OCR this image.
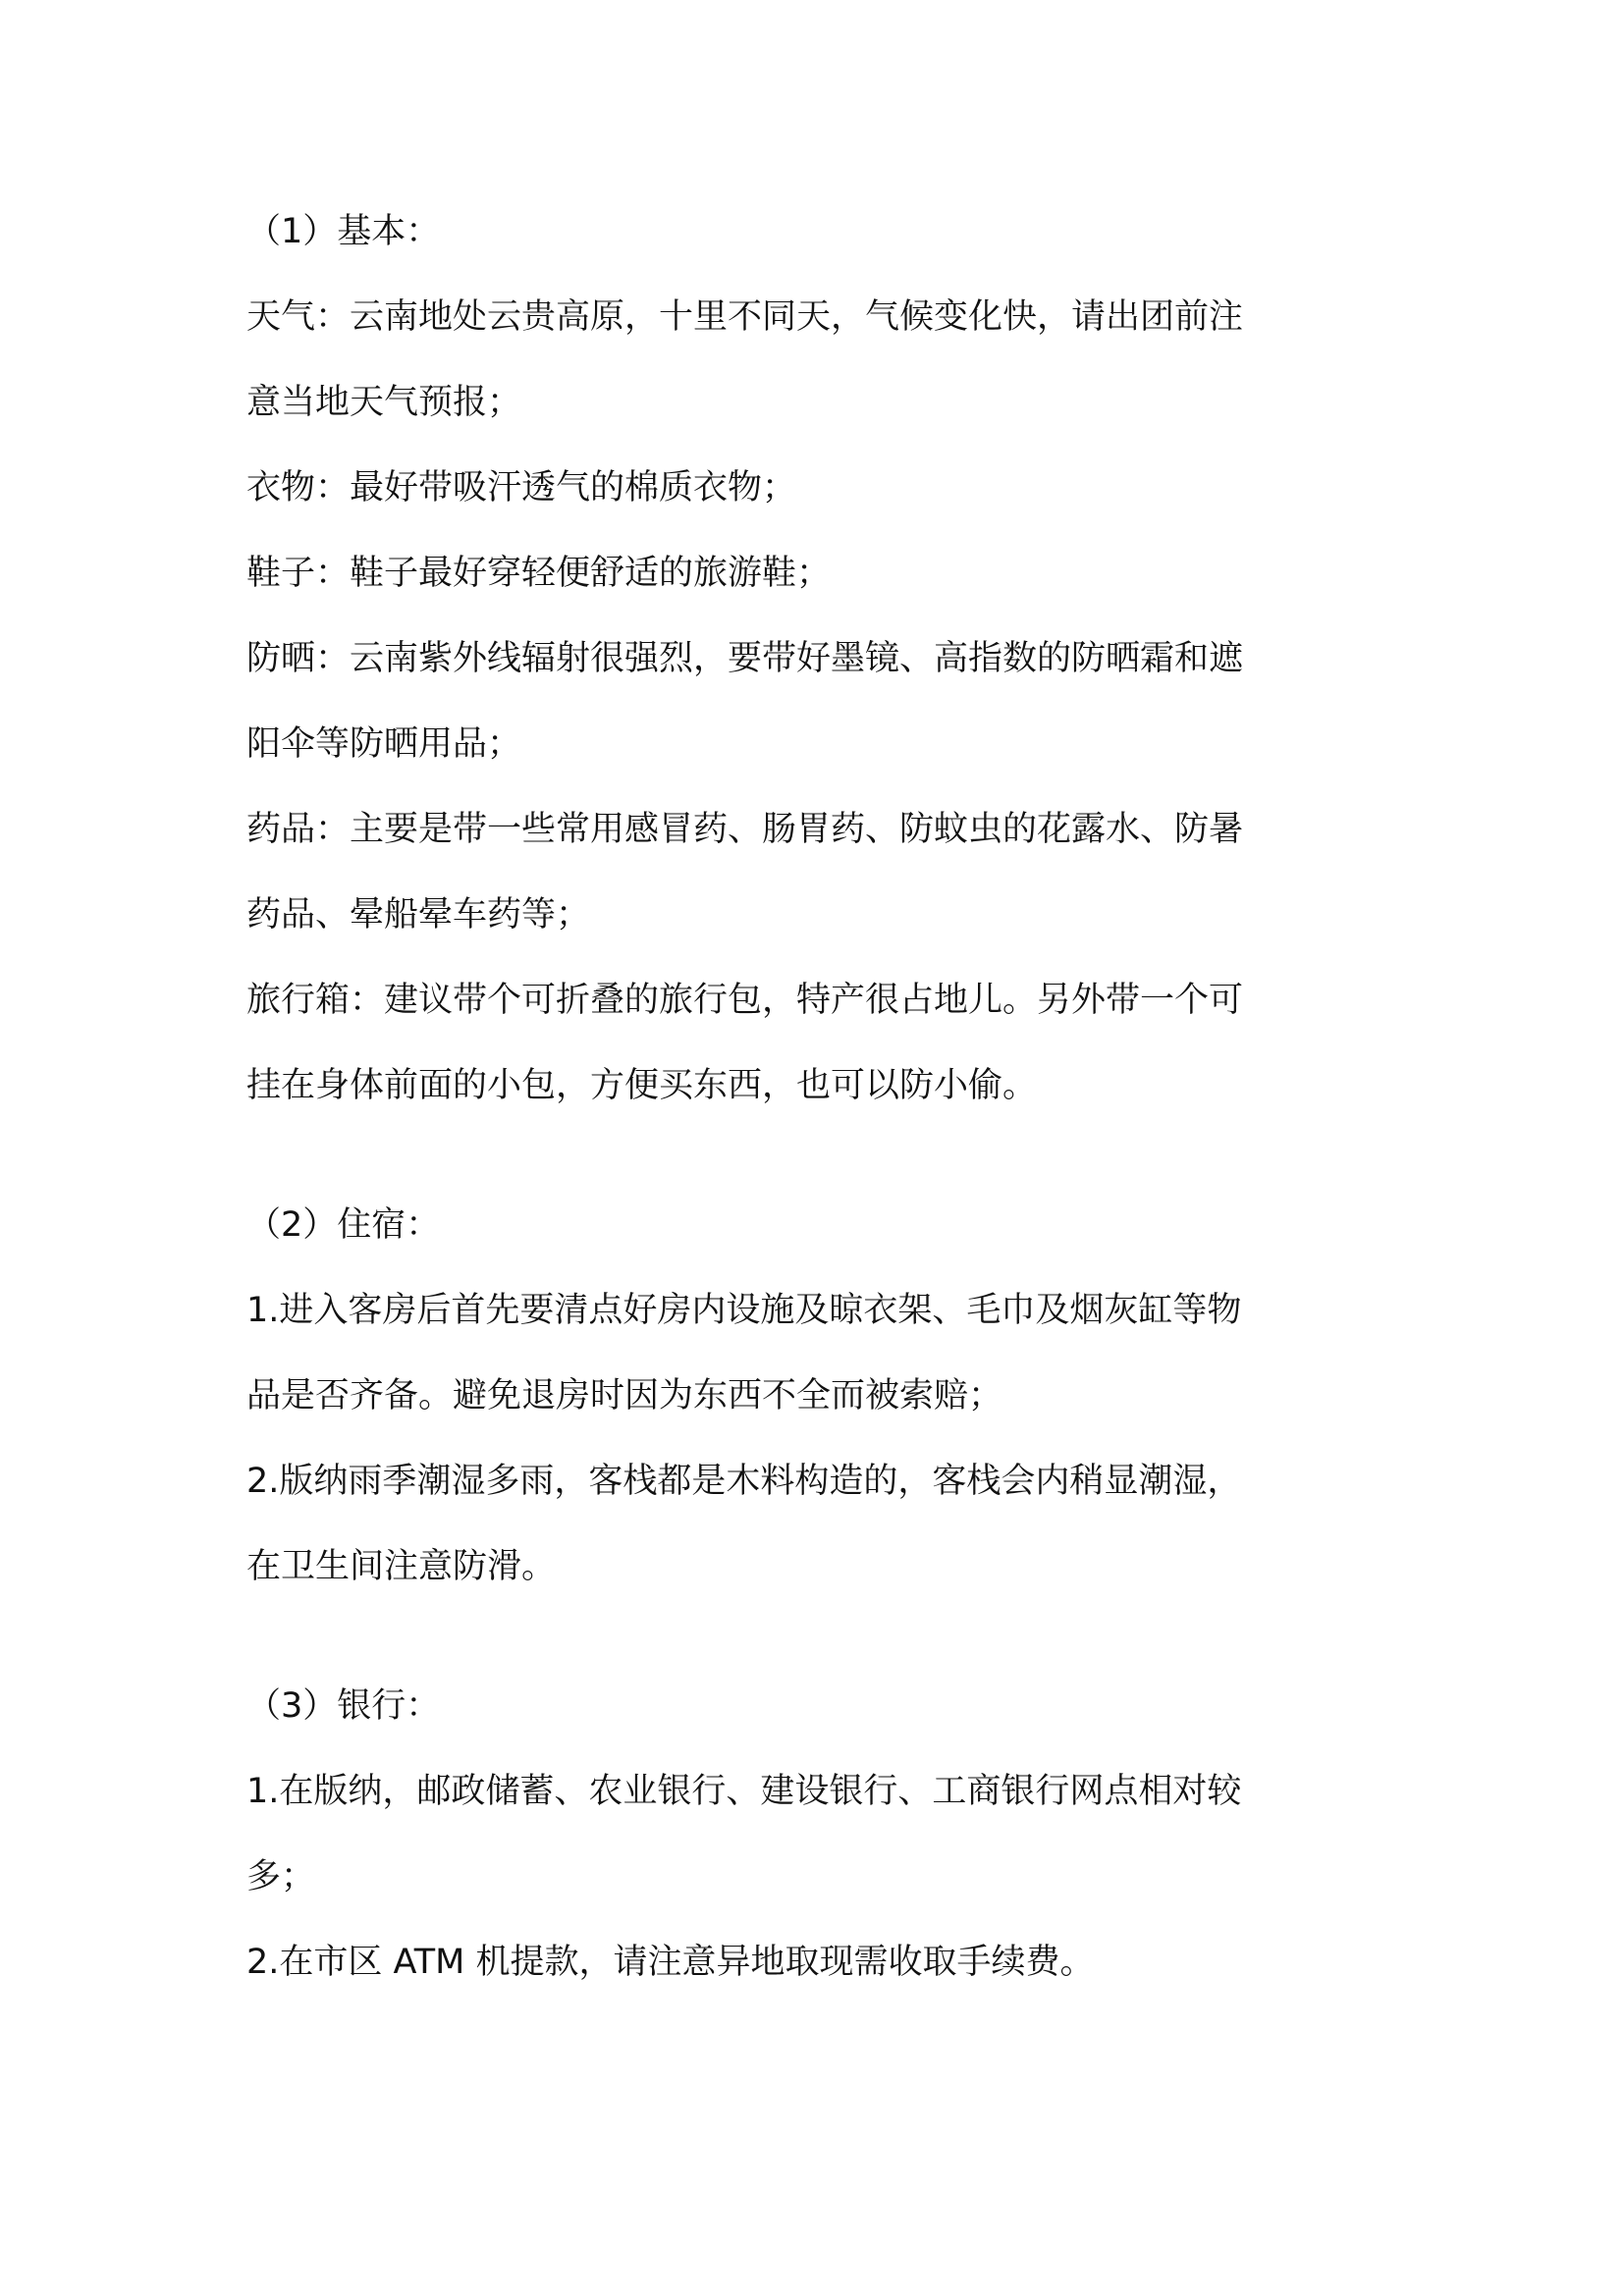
（1）基本：

天气：云南地处云贵高原，十里不同天，气候变化快，请出团前注

意当地天气预报；

衣物：最好带吸汗透气的棉质衣物；

鞋子：鞋子最好穿轻便舒适的旅游鞋；

防晒：云南紫外线辐射很强烈，要带好墨镜、高指数的防晒霜和遮

阳伞等防晒用品；

药品：主要是带一些常用感冒药、肠胃药、防蚊虫的花露水、防暑

药品、晕船晕车药等；

旅行箱：建议带个可折叠的旅行包，特产很占地儿。另外带一个可

挂在身体前面的小包，方便买东西，也可以防小偷。

（2）住宿：

1.进入客房后首先要清点好房内设施及晾衣架、毛巾及烟灰缸等物

品是否齐备。避免退房时因为东西不全而被索赔；

2.版纳雨季潮湿多雨，客栈都是木料构造的，客栈会内稍显潮湿，

在卫生间注意防滑。

（3）银行：

1.在版纳，邮政储蓄、农业银行、建设银行、工商银行网点相对较

多；

2.在市区 ATM 机提款，请注意异地取现需收取手续费。
